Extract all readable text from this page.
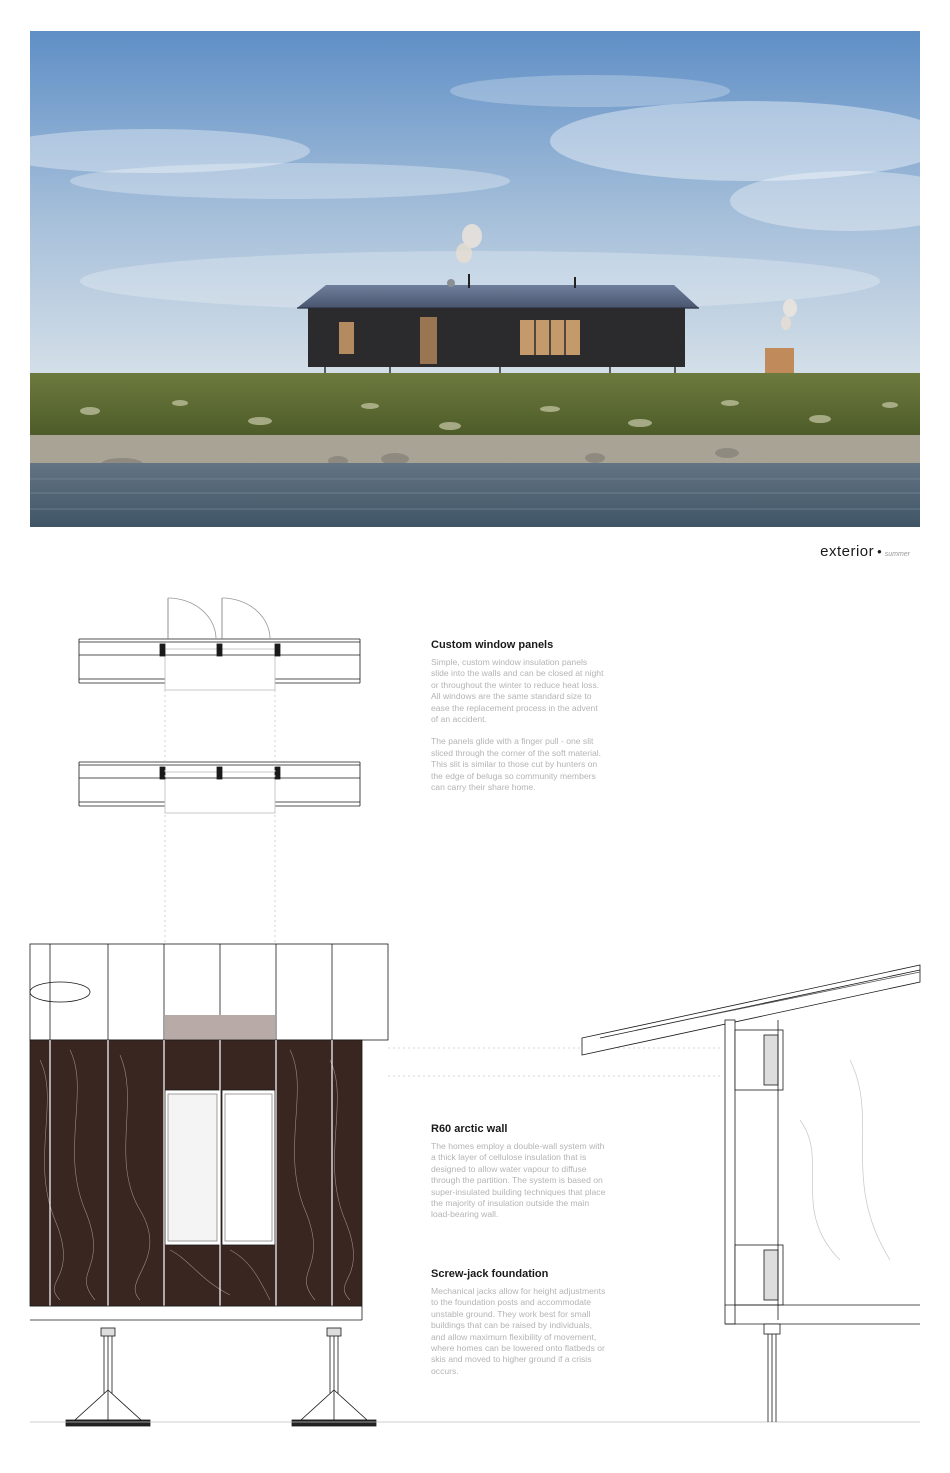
exterior • summer
Custom window panels

Simple, custom window insulation panels slide into the walls and can be closed at night or throughout the winter to reduce heat loss. All windows are the same standard size to ease the replacement process in the advent of an accident.

The panels glide with a finger pull - one slit sliced through the corner of the soft material. This slit is similar to those cut by hunters on the edge of beluga so community members can carry their share home.

R60 arctic wall

The homes employ a double-wall system with a thick layer of cellulose insulation that is designed to allow water vapour to diffuse through the partition. The system is based on super-insulated building techniques that place the majority of insulation outside the main load-bearing wall.

Screw-jack foundation

Mechanical jacks allow for height adjustments to the foundation posts and accommodate unstable ground. They work best for small buildings that can be raised by individuals, and allow maximum flexibility of movement, where homes can be lowered onto flatbeds or skis and moved to higher ground if a crisis occurs.
